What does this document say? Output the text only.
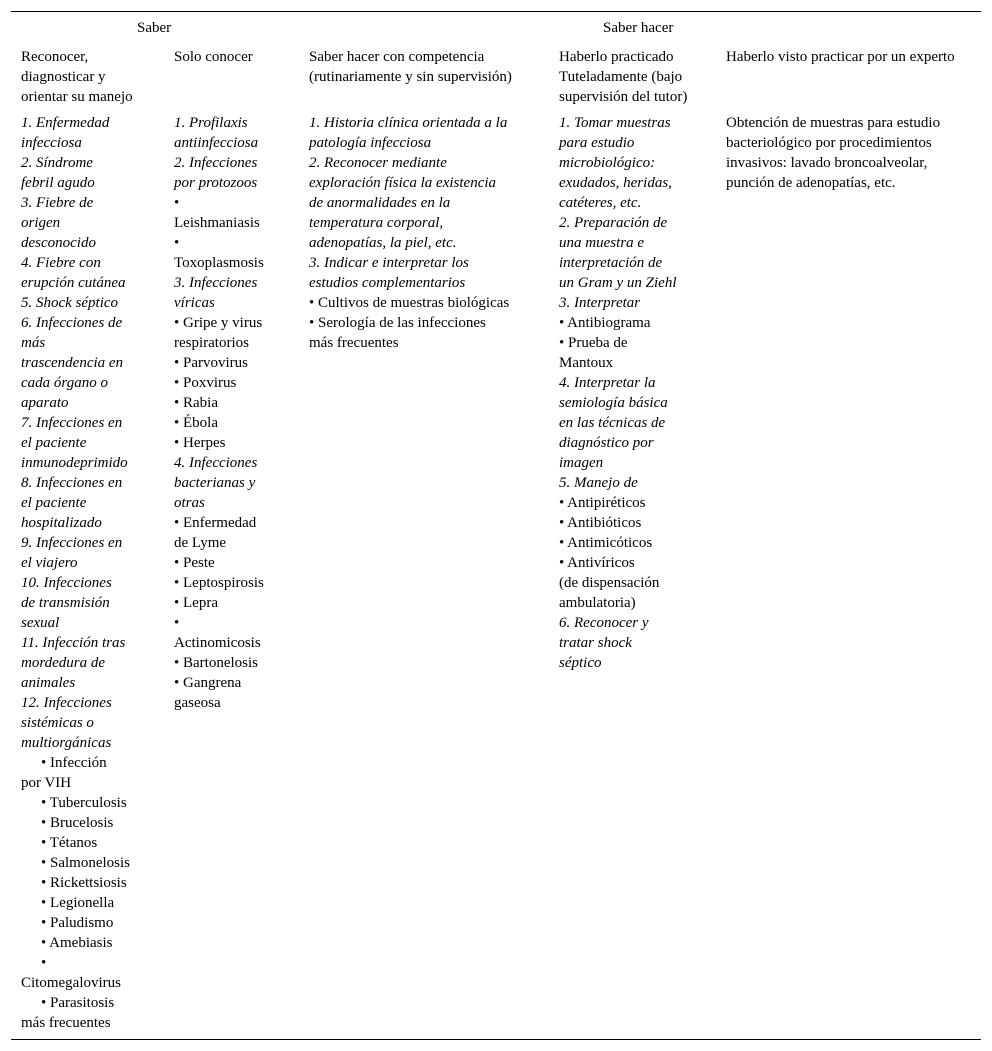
Saber	Saber hacer
Reconocer,
diagnosticar y
orientar su manejo
Solo conocer	Saber hacer con competencia
(rutinariamente y sin supervisión)
Haberlo practicado
Tuteladamente (bajo
supervisión del tutor)
Haberlo visto practicar por un experto
1. Enfermedad
infecciosa
2. Síndrome
febril agudo
3. Fiebre de
origen
desconocido
4. Fiebre con
erupción cutánea
5. Shock séptico
6. Infecciones de
más
trascendencia en
cada órgano o
aparato
7. Infecciones en
el paciente
inmunodeprimido
8. Infecciones en
el paciente
hospitalizado
9. Infecciones en
el viajero
10. Infecciones
de transmisión
sexual
11. Infección tras
mordedura de
animales
12. Infecciones
sistémicas o
multiorgánicas
• Infección
por VIH
• Tuberculosis
• Brucelosis
• Tétanos
• Salmonelosis
• Rickettsiosis
• Legionella
• Paludismo
• Amebiasis
•
Citomegalovirus
• Parasitosis
más frecuentes
1. Profilaxis
antiinfecciosa
2. Infecciones
por protozoos
•
Leishmaniasis
•
Toxoplasmosis
3. Infecciones
víricas
• Gripe y virus
respiratorios
• Parvovirus
• Poxvirus
• Rabia
• Ébola
• Herpes
4. Infecciones
bacterianas y
otras
• Enfermedad
de Lyme
• Peste
• Leptospirosis
• Lepra
•
Actinomicosis
• Bartonelosis
• Gangrena
gaseosa
1. Historia clínica orientada a la
patología infecciosa
2. Reconocer mediante
exploración física la existencia
de anormalidades en la
temperatura corporal,
adenopatías, la piel, etc.
3. Indicar e interpretar los
estudios complementarios
• Cultivos de muestras biológicas
• Serología de las infecciones
más frecuentes
1. Tomar muestras
para estudio
microbiológico:
exudados, heridas,
catéteres, etc.
2. Preparación de
una muestra e
interpretación de
un Gram y un Ziehl
3. Interpretar
• Antibiograma
• Prueba de
Mantoux
4. Interpretar la
semiología básica
en las técnicas de
diagnóstico por
imagen
5. Manejo de
• Antipiréticos
• Antibióticos
• Antimicóticos
• Antivíricos
(de dispensación
ambulatoria)
6. Reconocer y
tratar shock
séptico
Obtención de muestras para estudio
bacteriológico por procedimientos
invasivos: lavado broncoalveolar,
punción de adenopatías, etc.
